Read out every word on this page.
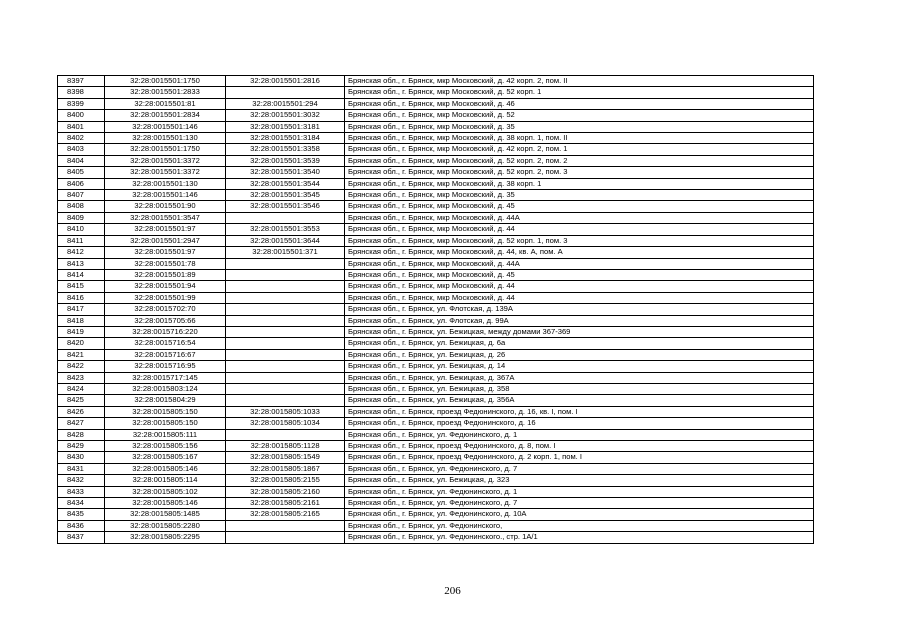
8397	32:28:0015501:1750	32:28:0015501:2816	Брянская обл., г. Брянск, мкр Московский, д. 42 корп. 2, пом. II
8398	32:28:0015501:2833		Брянская обл., г. Брянск, мкр Московский, д. 52 корп. 1
8399	32:28:0015501:81	32:28:0015501:294	Брянская обл., г. Брянск, мкр Московский, д. 46
8400	32:28:0015501:2834	32:28:0015501:3032	Брянская обл., г. Брянск, мкр Московский, д. 52
8401	32:28:0015501:146	32:28:0015501:3181	Брянская обл., г. Брянск, мкр Московский, д. 35
8402	32:28:0015501:130	32:28:0015501:3184	Брянская обл., г. Брянск, мкр Московский, д. 38 корп. 1, пом. II
8403	32:28:0015501:1750	32:28:0015501:3358	Брянская обл., г. Брянск, мкр Московский, д. 42 корп. 2, пом. 1
8404	32:28:0015501:3372	32:28:0015501:3539	Брянская обл., г. Брянск, мкр Московский, д. 52 корп. 2, пом. 2
8405	32:28:0015501:3372	32:28:0015501:3540	Брянская обл., г. Брянск, мкр Московский, д. 52 корп. 2, пом. 3
8406	32:28:0015501:130	32:28:0015501:3544	Брянская обл., г. Брянск, мкр Московский, д. 38 корп. 1
8407	32:28:0015501:146	32:28:0015501:3545	Брянская обл., г. Брянск, мкр Московский, д. 35
8408	32:28:0015501:90	32:28:0015501:3546	Брянская обл., г. Брянск, мкр Московский, д. 45
8409	32:28:0015501:3547		Брянская обл., г. Брянск, мкр Московский, д. 44А
8410	32:28:0015501:97	32:28:0015501:3553	Брянская обл., г. Брянск, мкр Московский, д. 44
8411	32:28:0015501:2947	32:28:0015501:3644	Брянская обл., г. Брянск, мкр Московский, д. 52 корп. 1, пом. 3
8412	32:28:0015501:97	32:28:0015501:371	Брянская обл., г. Брянск, мкр Московский, д. 44, кв. А, пом. А
8413	32:28:0015501:78		Брянская обл., г. Брянск, мкр Московский, д. 44А
8414	32:28:0015501:89		Брянская обл., г. Брянск, мкр Московский, д. 45
8415	32:28:0015501:94		Брянская обл., г. Брянск, мкр Московский, д. 44
8416	32:28:0015501:99		Брянская обл., г. Брянск, мкр Московский, д. 44
8417	32:28:0015702:70		Брянская обл., г. Брянск, ул. Флотская, д. 139А
8418	32:28:0015705:66		Брянская обл., г. Брянск, ул. Флотская, д. 99А
8419	32:28:0015716:220		Брянская обл., г. Брянск, ул. Бежицкая, между домами 367-369
8420	32:28:0015716:54		Брянская обл., г. Брянск, ул. Бежицкая, д. 6а
8421	32:28:0015716:67		Брянская обл., г. Брянск, ул. Бежицкая, д. 26
8422	32:28:0015716:95		Брянская обл., г. Брянск, ул. Бежицкая, д. 14
8423	32:28:0015717:145		Брянская обл., г. Брянск, ул. Бежицкая, д. 367А
8424	32:28:0015803:124		Брянская обл., г. Брянск, ул. Бежицкая, д. 358
8425	32:28:0015804:29		Брянская обл., г. Брянск, ул. Бежицкая, д. 356А
8426	32:28:0015805:150	32:28:0015805:1033	Брянская обл., г. Брянск, проезд Федюнинского, д. 16, кв. I, пом. I
8427	32:28:0015805:150	32:28:0015805:1034	Брянская обл., г. Брянск, проезд Федюнинского, д. 16
8428	32:28:0015805:111		Брянская обл., г. Брянск, ул. Федюнинского, д. 1
8429	32:28:0015805:156	32:28:0015805:1128	Брянская обл., г. Брянск, проезд Федюнинского, д. 8, пом. I
8430	32:28:0015805:167	32:28:0015805:1549	Брянская обл., г. Брянск, проезд Федюнинского, д. 2 корп. 1, пом. I
8431	32:28:0015805:146	32:28:0015805:1867	Брянская обл., г. Брянск, ул. Федюнинского, д. 7
8432	32:28:0015805:114	32:28:0015805:2155	Брянская обл., г. Брянск, ул. Бежицкая, д. 323
8433	32:28:0015805:102	32:28:0015805:2160	Брянская обл., г. Брянск, ул. Федюнинского, д. 1
8434	32:28:0015805:146	32:28:0015805:2161	Брянская обл., г. Брянск, ул. Федюнинского, д. 7
8435	32:28:0015805:1485	32:28:0015805:2165	Брянская обл., г. Брянск, ул. Федюнинского, д. 10А
8436	32:28:0015805:2280		Брянская обл., г. Брянск, ул. Федюнинского,
8437	32:28:0015805:2295		Брянская обл., г. Брянск, ул. Федюнинского., стр. 1А/1
206
